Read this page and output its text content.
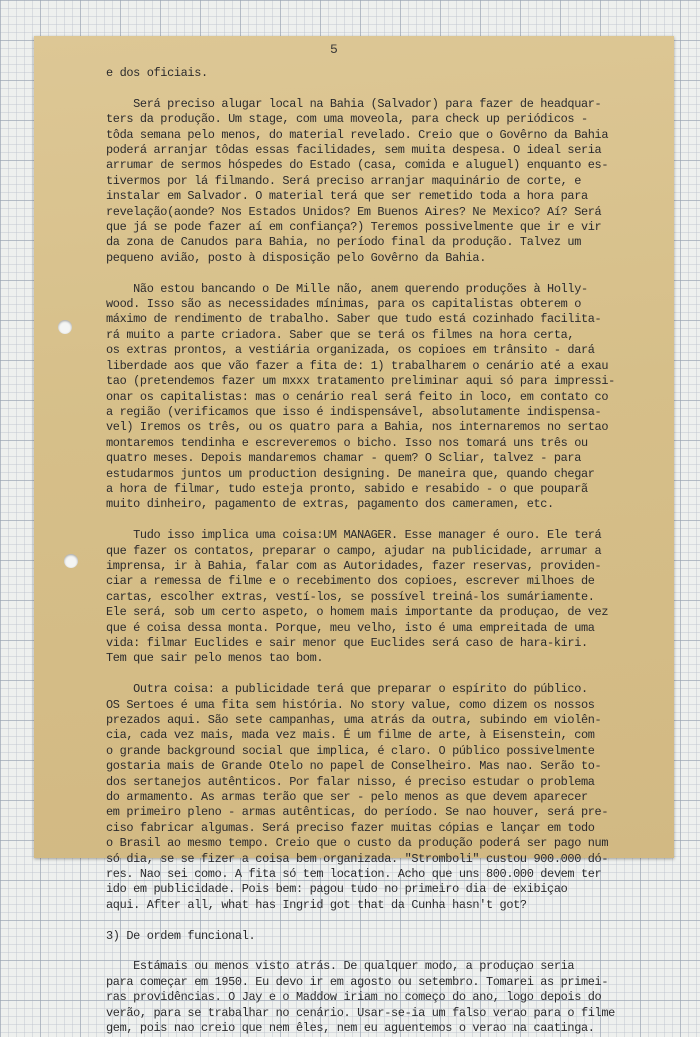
5
e dos oficiais.
Será preciso alugar local na Bahia (Salvador) para fazer de headquar-
ters da produção. Um stage, com uma moveola, para check up periódicos -
tôda semana pelo menos, do material revelado. Creio que o Govêrno da Bahia
poderá arranjar tôdas essas facilidades, sem muita despesa. O ideal seria
arrumar de sermos hóspedes do Estado (casa, comida e aluguel) enquanto es-
tivermos por lá filmando. Será preciso arranjar maquinário de corte, e
instalar em Salvador. O material terá que ser remetido toda a hora para
revelação(aonde? Nos Estados Unidos? Em Buenos Aires? Ne Mexico? Aí? Será
que já se pode fazer aí em confiança?) Teremos possivelmente que ir e vir
da zona de Canudos para Bahia, no período final da produção. Talvez um
pequeno avião, posto à disposição pelo Govêrno da Bahia.
Não estou bancando o De Mille não, anem querendo produções à Holly-
wood. Isso são as necessidades mínimas, para os capitalistas obterem o
máximo de rendimento de trabalho. Saber que tudo está cozinhado facilita-
rá muito a parte criadora. Saber que se terá os filmes na hora certa,
os extras prontos, a vestiária organizada, os copioes em trânsito - dará
liberdade aos que vão fazer a fita de: 1) trabalharem o cenário até a exau
tao (pretendemos fazer um mxxx tratamento preliminar aqui só para impressi-
onar os capitalistas: mas o cenário real será feito in loco, em contato co
a região (verificamos que isso é indispensável, absolutamente indispensa-
vel) Iremos os três, ou os quatro para a Bahia, nos internaremos no sertao
montaremos tendinha e escreveremos o bicho. Isso nos tomará uns três ou
quatro meses. Depois mandaremos chamar - quem? O Scliar, talvez - para
estudarmos juntos um production designing. De maneira que, quando chegar
a hora de filmar, tudo esteja pronto, sabido e resabido - o que pouparã
muito dinheiro, pagamento de extras, pagamento dos cameramen, etc.
Tudo isso implica uma coisa:UM MANAGER. Esse manager é ouro. Ele terá
que fazer os contatos, preparar o campo, ajudar na publicidade, arrumar a
imprensa, ir à Bahia, falar com as Autoridades, fazer reservas, providen-
ciar a remessa de filme e o recebimento dos copioes, escrever milhoes de
cartas, escolher extras, vestí-los, se possível treiná-los sumáriamente.
Ele será, sob um certo aspeto, o homem mais importante da produçao, de vez
que é coisa dessa monta. Porque, meu velho, isto é uma empreitada de uma
vida: filmar Euclides e sair menor que Euclides será caso de hara-kiri.
Tem que sair pelo menos tao bom.
Outra coisa: a publicidade terá que preparar o espírito do público.
OS Sertoes é uma fita sem história. No story value, como dizem os nossos
prezados aqui. São sete campanhas, uma atrás da outra, subindo em violên-
cia, cada vez mais, mada vez mais. É um filme de arte, à Eisenstein, com
o grande background social que implica, é claro. O público possivelmente
gostaria mais de Grande Otelo no papel de Conselheiro. Mas nao. Serão to-
dos sertanejos autênticos. Por falar nisso, é preciso estudar o problema
do armamento. As armas terão que ser - pelo menos as que devem aparecer
em primeiro pleno - armas autênticas, do período. Se nao houver, será pre-
ciso fabricar algumas. Será preciso fazer muitas cópias e lançar em todo
o Brasil ao mesmo tempo. Creio que o custo da produção poderá ser pago num
só dia, se se fizer a coisa bem organizada. "Stromboli" custou 900.000 dó-
res. Nao sei como. A fita só tem location. Acho que uns 800.000 devem ter
ido em publicidade. Pois bem: pagou tudo no primeiro dia de exibiçao
aqui. After all, what has Ingrid got that da Cunha hasn't got?
3) De ordem funcional.
Estámais ou menos visto atrás. De qualquer modo, a produçao seria
para começar em 1950. Eu devo ir em agosto ou setembro. Tomarei as primei-
ras providências. O Jay e o Maddow iriam no começo do ano, logo depois do
verão, para se trabalhar no cenário. Usar-se-ia um falso verao para o filme
gem, pois nao creio que nem êles, nem eu aguentemos o verao na caatinga.
